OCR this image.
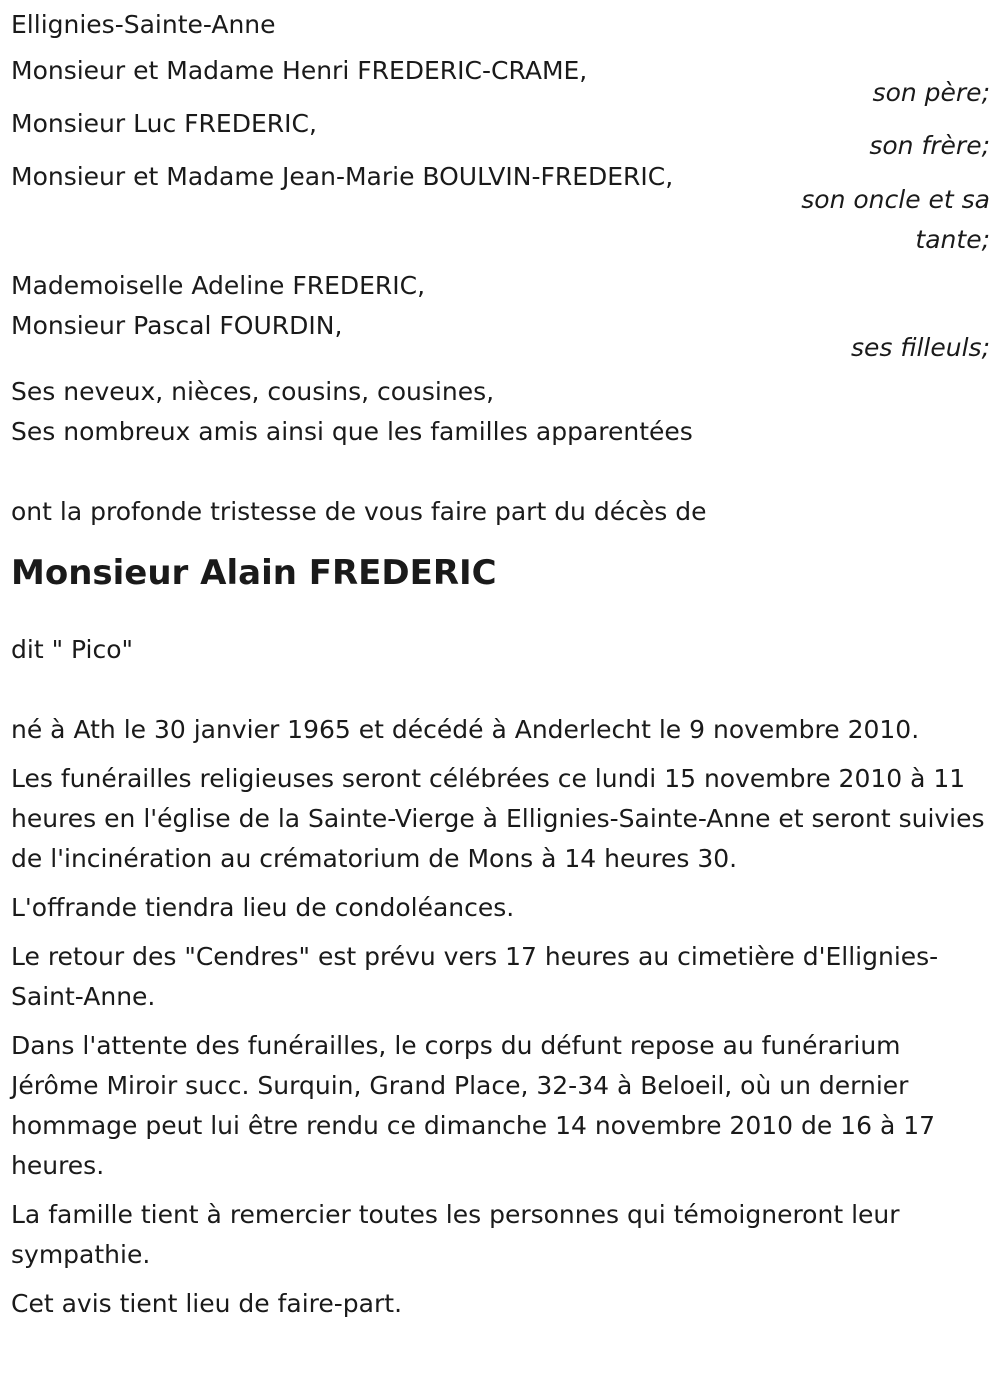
Ellignies-Sainte-Anne
Monsieur et Madame Henri FREDERIC-CRAME,
son père;
Monsieur Luc FREDERIC,
son frère;
Monsieur et Madame Jean-Marie BOULVIN-FREDERIC,
son oncle et sa
tante;
Mademoiselle Adeline FREDERIC,
Monsieur Pascal FOURDIN,
ses filleuls;
Ses neveux, nièces, cousins, cousines,
Ses nombreux amis ainsi que les familles apparentées
ont la profonde tristesse de vous faire part du décès de
Monsieur Alain FREDERIC
dit " Pico"
né à Ath le 30 janvier 1965 et décédé à Anderlecht le 9 novembre 2010.
Les funérailles religieuses seront célébrées ce lundi 15 novembre 2010 à 11 heures en l'église de la Sainte-Vierge à Ellignies-Sainte-Anne et seront suivies de l'incinération au crématorium de Mons à 14 heures 30.
L'offrande tiendra lieu de condoléances.
Le retour des "Cendres" est prévu vers 17 heures au cimetière d'Ellignies-Saint-Anne.
Dans l'attente des funérailles, le corps du défunt repose au funérarium Jérôme Miroir succ. Surquin, Grand Place, 32-34 à Beloeil, où un dernier hommage peut lui être rendu ce dimanche 14 novembre 2010 de 16 à 17 heures.
La famille tient à remercier toutes les personnes qui témoigneront leur sympathie.
Cet avis tient lieu de faire-part.
